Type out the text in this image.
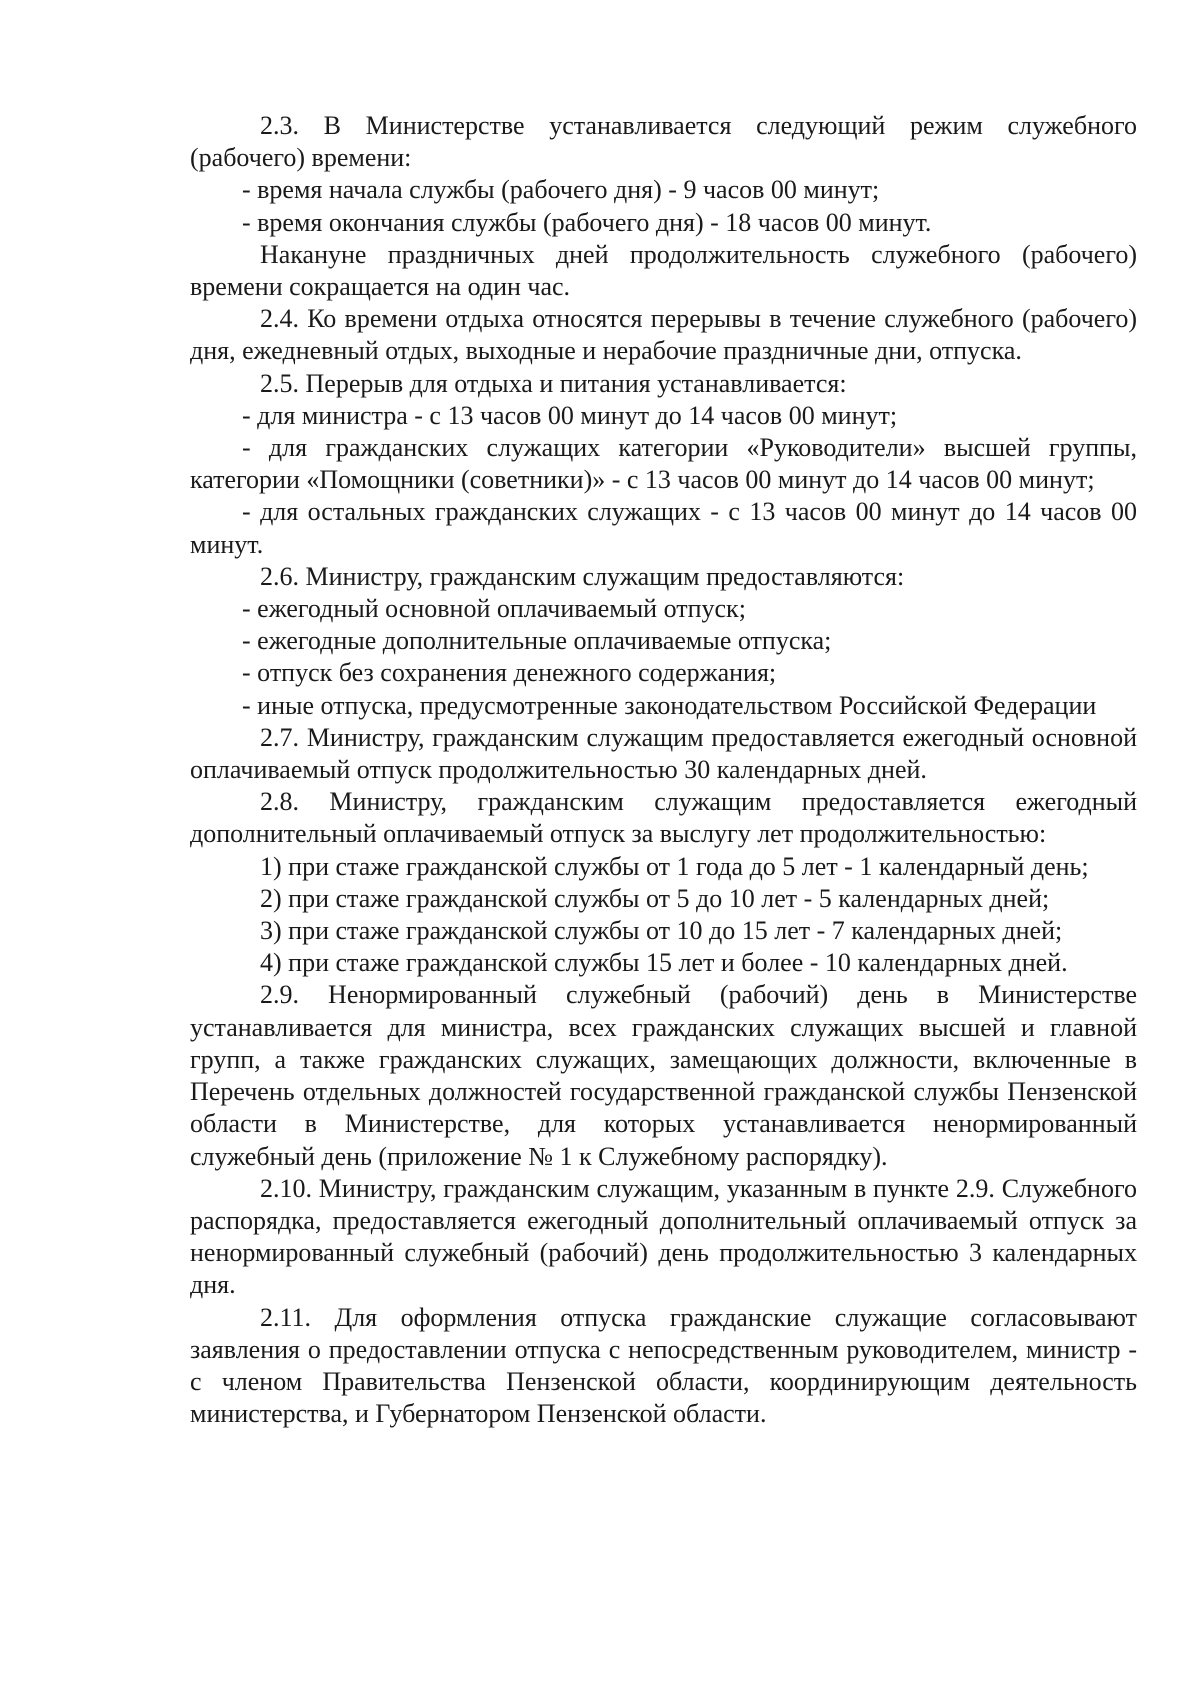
2.3. В Министерстве устанавливается следующий режим служебного (рабочего) времени:

- время начала службы (рабочего дня) - 9 часов 00 минут;

- время окончания службы (рабочего дня) - 18 часов 00 минут.

Накануне праздничных дней продолжительность служебного (рабочего) времени сокращается на один час.

2.4. Ко времени отдыха относятся перерывы в течение служебного (рабочего) дня, ежедневный отдых, выходные и нерабочие праздничные дни, отпуска.

2.5. Перерыв для отдыха и питания устанавливается:

- для министра - с 13 часов 00 минут до 14 часов 00 минут;

- для гражданских служащих категории «Руководители» высшей группы, категории «Помощники (советники)» - с 13 часов 00 минут до 14 часов 00 минут;

- для остальных гражданских служащих - с 13 часов 00 минут до 14 часов 00 минут.

2.6. Министру, гражданским служащим предоставляются:

- ежегодный основной оплачиваемый отпуск;

- ежегодные дополнительные оплачиваемые отпуска;

- отпуск без сохранения денежного содержания;

- иные отпуска, предусмотренные законодательством Российской Федерации

2.7. Министру, гражданским служащим предоставляется ежегодный основной оплачиваемый отпуск продолжительностью 30 календарных дней.

2.8. Министру, гражданским служащим предоставляется ежегодный дополнительный оплачиваемый отпуск за выслугу лет продолжительностью:

1) при стаже гражданской службы от 1 года до 5 лет - 1 календарный день;

2) при стаже гражданской службы от 5 до 10 лет - 5 календарных дней;

3) при стаже гражданской службы от 10 до 15 лет - 7 календарных дней;

4) при стаже гражданской службы 15 лет и более - 10 календарных дней.

2.9. Ненормированный служебный (рабочий) день в Министерстве устанавливается для министра, всех гражданских служащих высшей и главной групп, а также гражданских служащих, замещающих должности, включенные в Перечень отдельных должностей государственной гражданской службы Пензенской области в Министерстве, для которых устанавливается ненормированный служебный день (приложение № 1 к Служебному распорядку).

2.10. Министру, гражданским служащим, указанным в пункте 2.9. Служебного распорядка, предоставляется ежегодный дополнительный оплачиваемый отпуск за ненормированный служебный (рабочий) день продолжительностью 3 календарных дня.

2.11. Для оформления отпуска гражданские служащие согласовывают заявления о предоставлении отпуска с непосредственным руководителем, министр - с членом Правительства Пензенской области, координирующим деятельность министерства, и Губернатором Пензенской области.
